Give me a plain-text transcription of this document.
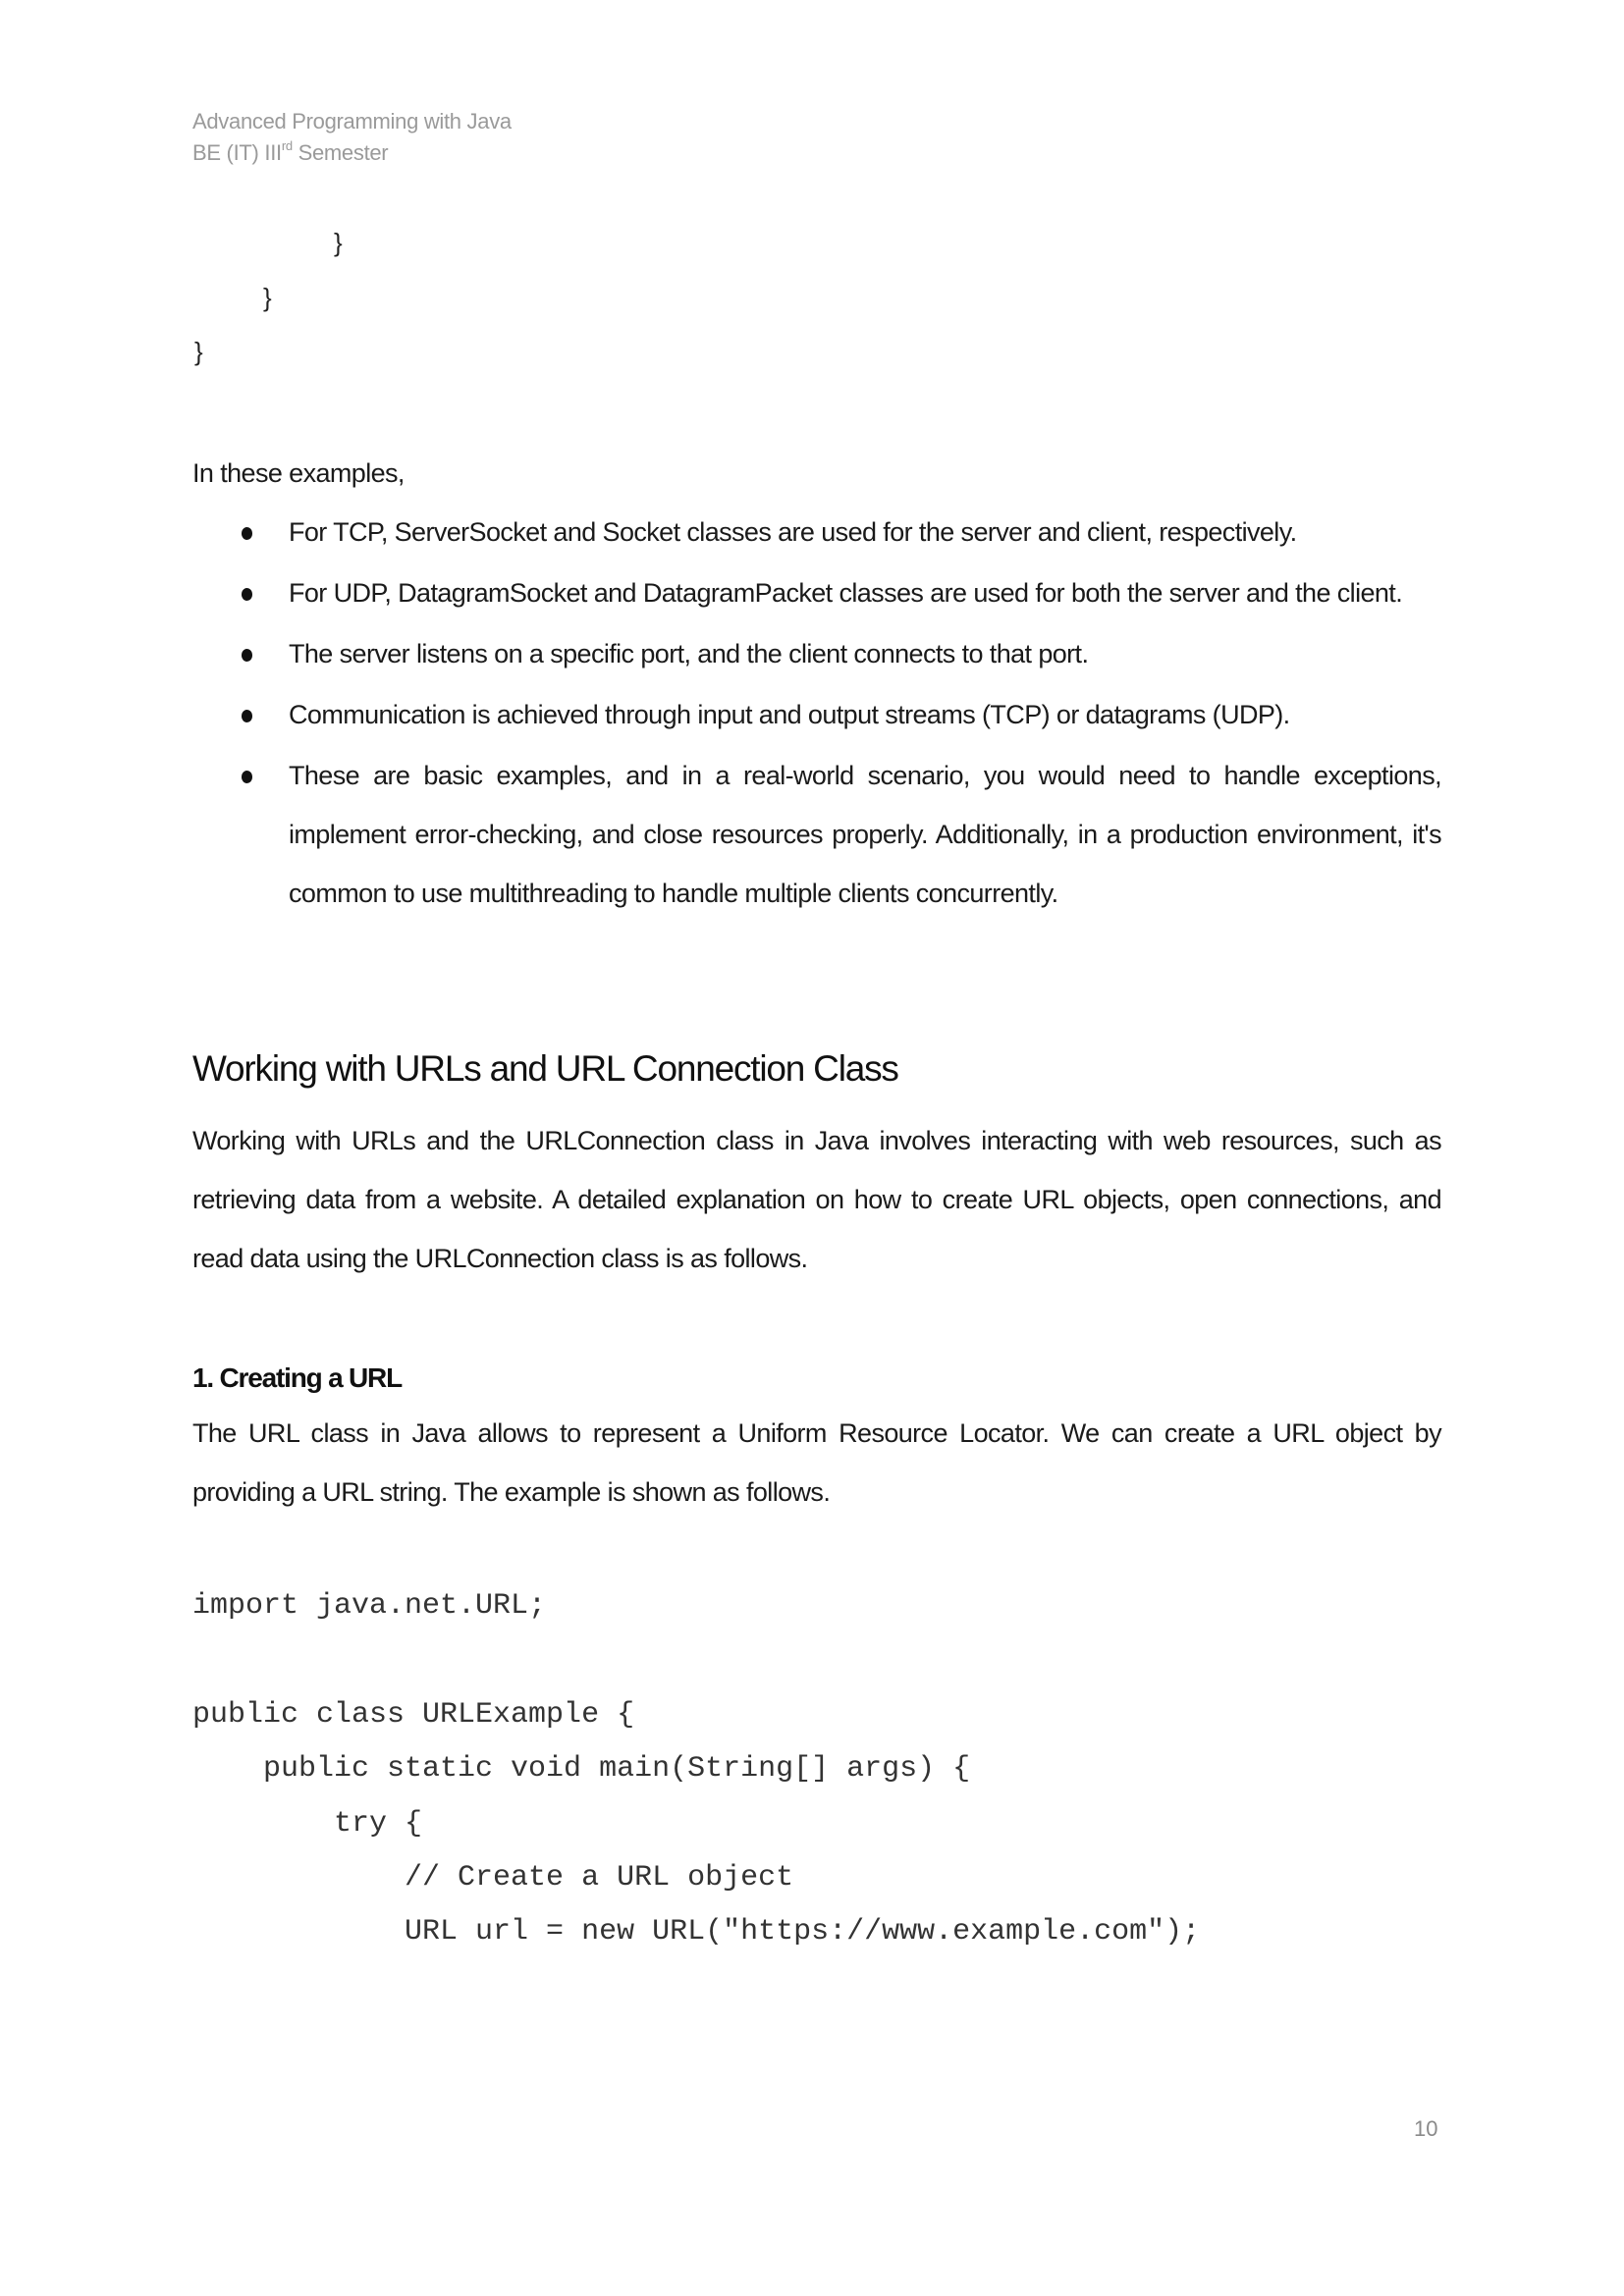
Advanced Programming with Java
BE (IT) IIIrd Semester
}
}
}
In these examples,
For TCP, ServerSocket and Socket classes are used for the server and client, respectively.
For UDP, DatagramSocket and DatagramPacket classes are used for both the server and the client.
The server listens on a specific port, and the client connects to that port.
Communication is achieved through input and output streams (TCP) or datagrams (UDP).
These are basic examples, and in a real-world scenario, you would need to handle exceptions, implement error-checking, and close resources properly. Additionally, in a production environment, it's common to use multithreading to handle multiple clients concurrently.
Working with URLs and URL Connection Class
Working with URLs and the URLConnection class in Java involves interacting with web resources, such as retrieving data from a website. A detailed explanation on how to create URL objects, open connections, and read data using the URLConnection class is as follows.
1. Creating a URL
The URL class in Java allows to represent a Uniform Resource Locator. We can create a URL object by providing a URL string. The example is shown as follows.
import java.net.URL;
public class URLExample {
public static void main(String[] args) {
try {
// Create a URL object
URL url = new URL("https://www.example.com");
10
